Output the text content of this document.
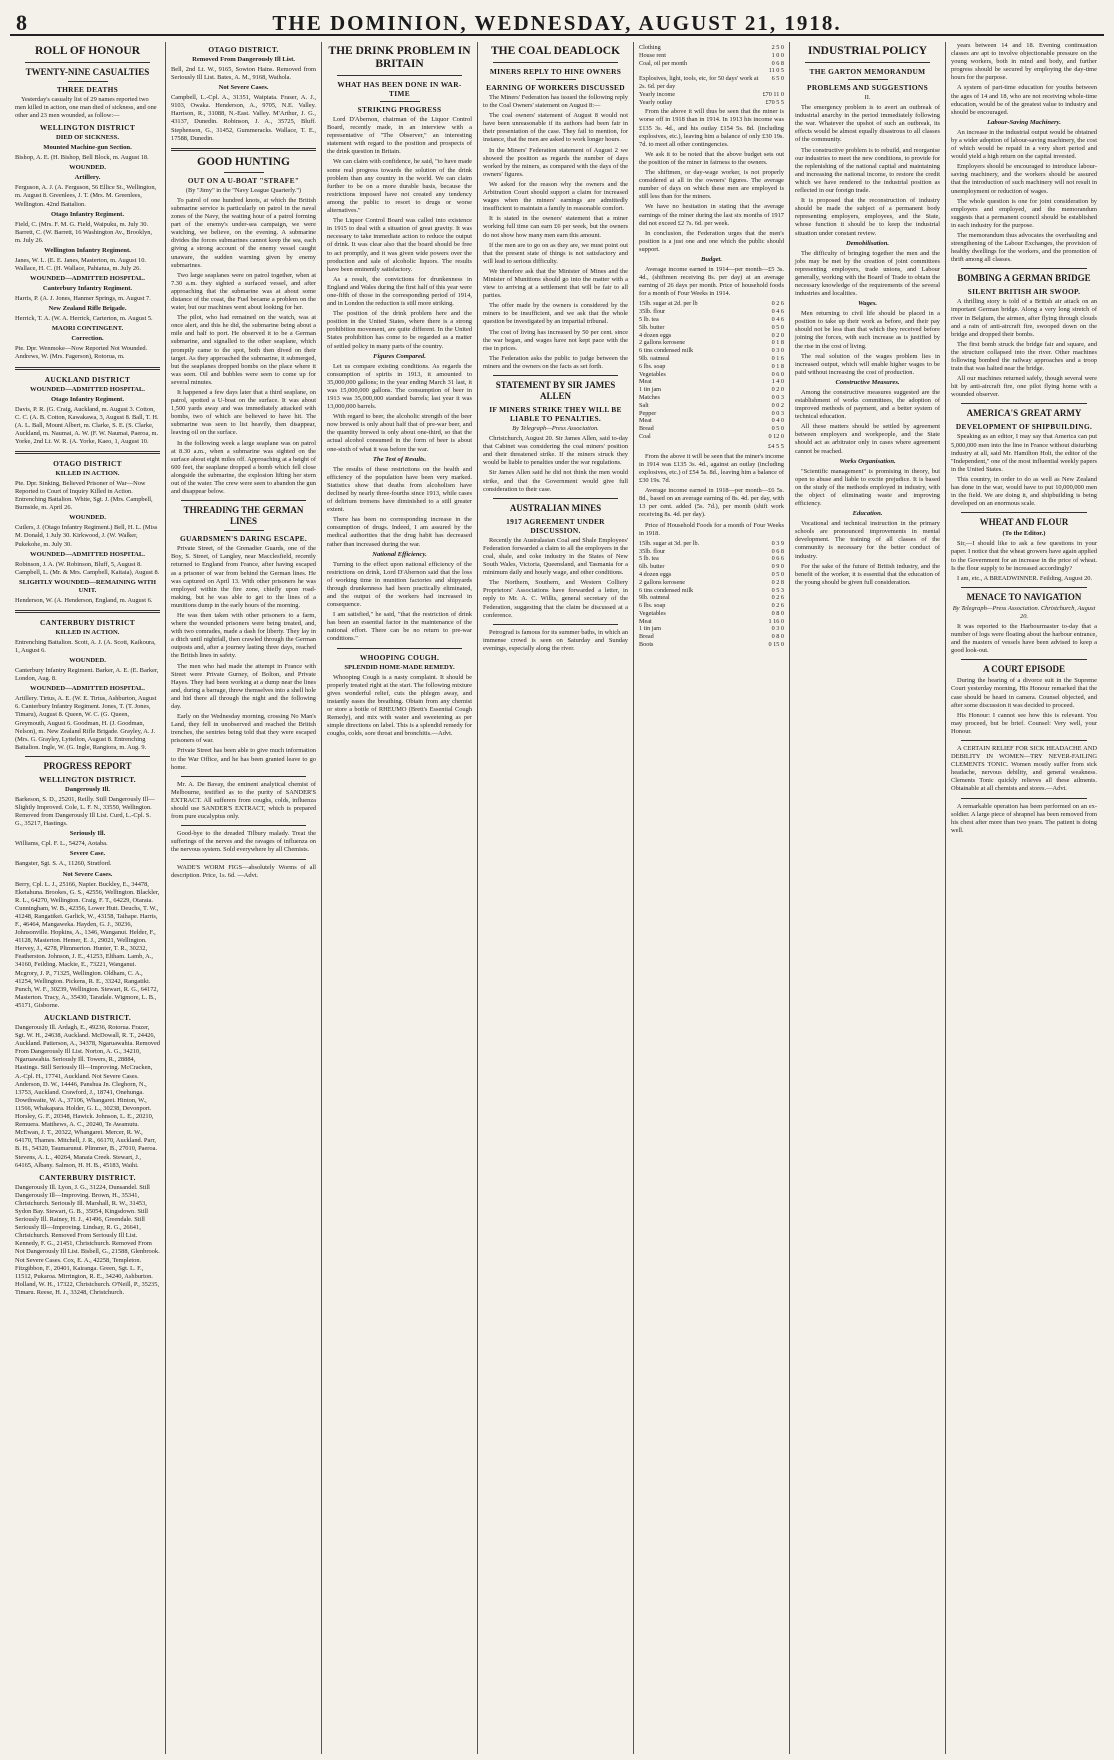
8	THE DOMINION, WEDNESDAY, AUGUST 21, 1918.
ROLL OF HONOUR
TWENTY-NINE CASUALTIES
THREE DEATHS

Yesterday's casualty list of 29 names reported two men killed in action, one man died of sickness, and one other and 23 men wounded, as follow:—

WELLINGTON DISTRICT
DIED OF SICKNESS.
Mounted Machine-gun Section.

Bishop, A. E. (H. Bishop, Bell Block, m. August 18.

WOUNDED.
Artillery.

Ferguson, A. J. (A. Ferguson, 56 Ellice St., Wellington, m. August 8. Greenlees, J. T. (Mrs. M. Greenlees, Wellington. 42nd Battalion.

Otago Infantry Regiment.

Field, C. (Mrs. F. M. G. Field, Waipuku, m. July 30. Barrett, C. (W. Barrett, 16 Washington Av., Brooklyn, m. July 26.

Wellington Infantry Regiment.

Janes, W. L. (E. E. Janes, Masterton, m. August 10. Wallace, H. C. (H. Wallace, Pahiatua, m. July 26.

WOUNDED—ADMITTED HOSPITAL.
Canterbury Infantry Regiment.

Harris, P. (A. J. Jones, Hanmer Springs, m. August 7.

New Zealand Rifle Brigade.

Herrick, T. A. (W. A. Herrick, Carterton, m. August 5.

MAORI CONTINGENT.
Correction.

Pte. Dpr. Wenmoke—Now Reported Not Wounded. Andrews, W. (Mrs. Fagerson), Rotorua, m.

AUCKLAND DISTRICT
WOUNDED—ADMITTED HOSPITAL.
Otago Infantry Regiment.

Davis, P. R. (G. Craig, Auckland, m. August 3. Cotton, C. C. (A. B. Cotton, Kawakawa, 3, August 8. Ball, T. H. (A. L. Ball, Mount Albert, m. Clarke, S. E. (S. Clarke, Auckland, m. Naumai, A. W. (F. W. Naumai, Paeroa, m. Yorke, 2nd Lt. W. R. (A. Yorke, Kaeo, 1, August 10.

OTAGO DISTRICT
KILLED IN ACTION.

Pte. Dpr. Sinking, Believed Prisoner of War—Now Reported to Court of Inquiry Killed in Action. Entrenching Battalion. White, Sgt. J. (Mrs. Campbell, Burnside, m. April 26.

WOUNDED.

Cutlers, J. (Otago Infantry Regiment.) Bell, H. L. (Miss M. Donald, 1 July 30. Kirkwood, J. (W. Walker, Pukekohe, m. July 30.

WOUNDED—ADMITTED HOSPITAL.

Robinson, J. A. (W. Robinson, Bluff, 5, August 8. Campbell, L. (Mr. & Mrs. Campbell, Kaitaia), August 8.

SLIGHTLY WOUNDED—REMAINING WITH UNIT.

Henderson, W. (A. Henderson, England, m. August 6.

CANTERBURY DISTRICT
KILLED IN ACTION.

Entrenching Battalion. Scott, A. J. (A. Scott, Kaikoura, 1, August 6.

WOUNDED.

Canterbury Infantry Regiment. Barker, A. E. (E. Barker, London, Aug. 8.

WOUNDED—ADMITTED HOSPITAL.

Artillery. Tirtus, A. E. (W. E. Tirtus, Ashburton, August 6. Canterbury Infantry Regiment. Jones, T. (T. Jones, Timaru), August 8. Queen, W. C. (G. Queen, Greymouth, August 6. Goodman, H. (J. Goodman, Nelson), m. New Zealand Rifle Brigade. Grayley, A. J. (Mrs. G. Grayley, Lyttelton, August 8. Entrenching Battalion. Ingle, W. (G. Ingle, Rangiora, m. Aug. 9.

PROGRESS REPORT
WELLINGTON DISTRICT.
Dangerously Ill.

Barkeson, S. D., 25201, Reilly. Still Dangerously Ill—Slightly Improved. Cole, L. F. N., 33550, Wellington. Removed from Dangerously Ill List. Curd, L.-Cpl. S. G., 35217, Hastings.

Seriously Ill.

Williams, Cpl. F. L., 54274, Aotaba.

Severe Case.

Bangster, Sgt. S. A., 11260, Stratford.

Not Severe Cases.

Berry, Cpl. L. J., 25166, Napier. Buckley, E., 34478, Eketahuna. Brookes, G. S., 42556, Wellington. Blackler, R. L., 64270, Wellington. Craig, F. T., 64229, Otaraia. Cunningham, W. B., 42356, Lower Hutt. Deuchs, T. W., 41248, Rangatikei. Garlick, W., 43158, Taihape. Harris, F., 46464, Mangaweka. Hayden, G. J., 30236, Johnsonville. Hopkins, A., 1346, Wanganui. Helder, F., 41128, Masterton. Hemer, E. J., 29021, Wellington. Hervey, J., 4278, Plimmerton. Hunter, T. R., 30232, Featherston. Johnson, J. E., 41253, Eltham. Lamb, A., 34160, Feilding. Mackie, E., 73221, Wanganui. Mcgrory, J. P., 71325, Wellington. Oldham, C. A., 41254, Wellington. Pickens, R. E., 33242, Rangatiki. Punch, W. F., 30239, Wellington. Stewart, R. G., 64172, Masterton. Tracy, A., 35430, Taradale. Wigmore, L. B., 45171, Gisborne.

AUCKLAND DISTRICT.

Dangerously Ill. Ardagh, E., 49236, Rotorua. Frazer, Sgt. W. H., 24638, Auckland. McDowall, R. T., 24426, Auckland. Patterson, A., 34378, Ngaruawahia. Removed From Dangerously Ill List. Norton, A. G., 34210, Ngaruawahia. Seriously Ill. Towers, R., 28884, Hastings. Still Seriously Ill—Improving. McCracken, A.-Cpl. H., 17741, Auckland. Not Severe Cases. Anderson, D. W., 14446, Panshua Jn. Cleghorn, N., 13753, Auckland. Crawford, J., 18741, Onehunga. Dowthwaite, W. A., 37106, Whangarei. Hinton, W., 11566, Whakapara. Holder, G. L., 30238, Devonport. Horsley, G. F., 20348, Hawick. Johnson, L. E., 20210, Remuera. Matthews, A. C., 20240, Te Awamutu. McEwan, J. T., 20322, Whangarei. Mercer, R. W., 64170, Thames. Mitchell, J. R., 66170, Auckland. Parr, B. H., 54320, Taumarunui. Plimmer, B., 27010, Paeroa. Stevens, A. L., 40264, Manaia Creek. Stewart, J., 64165, Albany. Salmon, H. H. B., 45183, Waihi.

CANTERBURY DISTRICT.

Dangerously Ill. Lyon, J. G., 31224, Dunsandel. Still Dangerously Ill—Improving. Brown, H., 35341, Christchurch. Seriously Ill. Marshall, R. W., 31453, Sydon Bay. Stewart, G. B., 35054, Kingsdown. Still Seriously Ill. Rainey, H. J., 41496, Greendale. Still Seriously Ill—Improving. Lindsay, R. G., 26641, Christchurch. Removed From Seriously Ill List. Kennedy, F. G., 21451, Christchurch. Removed From Not Dangerously Ill List. Bisbell, G., 21588, Glenbrook. Not Severe Cases. Cox, E. A., 42258, Templeton. Fitzgibbon, F., 20401, Kairanga. Green, Sgt. L. F., 11512, Pukaroa. Mirrington, R. E., 34240, Ashburton. Holland, W. H., 17322, Christchurch. O'Neill, P., 35235, Timaru. Reese, H. J., 33248, Christchurch.

OTAGO DISTRICT.
Removed From Dangerously Ill List.

Bell, 2nd Lt. W., 9165, Sowton Hains. Removed from Seriously Ill List. Bates, A. M., 9168, Waihola.

Not Severe Cases.

Campbell, L.-Cpl. A., 31351, Waipiata. Fraser, A. J., 9103, Owaka. Henderson, A., 9705, N.E. Valley. Harrison, R., 31088, N.-East. Valley. M'Arthur, J. G., 43137, Dunedin. Robinson, J. A., 35725, Bluff. Stephenson, G., 31452, Gummeracks. Wallace, T. E., 17588, Dunedin.

GOOD HUNTING
OUT ON A U-BOAT "STRAFE"

(By "Jimy" in the "Navy League Quarterly.")

To patrol of one hundred knots, at which the British submarine service is particularly on patrol in the naval zones of the Navy, the waiting hour of a patrol forming part of the enemy's under-sea campaign, we were watching, we believe, on the evening. A submarine divides the forces submarines cannot keep the sea, each giving a strong account of the enemy vessel caught unaware, the sudden warning given by enemy submarines.

Two large seaplanes were on patrol together, when at 7.30 a.m. they sighted a surfaced vessel, and after approaching that the submarine was at about some distance of the coast, the Fuel became a problem on the water, but our machines went about looking for her.

The pilot, who had remained on the watch, was at once alert, and this he did, the submarine being about a mile and half to port. He observed it to be a German submarine, and signalled to the other seaplane, which promptly came to the spot, both then dived on their target. As they approached the submarine, it submerged, but the seaplanes dropped bombs on the place where it was seen. Oil and bubbles were seen to come up for several minutes.

It happened a few days later that a third seaplane, on patrol, spotted a U-boat on the surface. It was about 1,500 yards away and was immediately attacked with bombs, two of which are believed to have hit. The submarine was seen to list heavily, then disappear, leaving oil on the surface.

In the following week a large seaplane was on patrol at 8.30 a.m., when a submarine was sighted on the surface about eight miles off. Approaching at a height of 600 feet, the seaplane dropped a bomb which fell close alongside the submarine, the explosion lifting her stern out of the water. The crew were seen to abandon the gun and disappear below.

THREADING THE GERMAN LINES
GUARDSMEN'S DARING ESCAPE.

Private Street, of the Grenadier Guards, one of the Boy, S. Street, of Langley, near Macclesfield, recently returned to England from France, after having escaped as a prisoner of war from behind the German lines. He was captured on April 13. With other prisoners he was employed within the fire zone, chiefly upon road-making, but he was able to get to the lines of a munitions dump in the early hours of the morning.

He was then taken with other prisoners to a farm, where the wounded prisoners were being treated, and, with two comrades, made a dash for liberty. They lay in a ditch until nightfall, then crawled through the German outposts and, after a journey lasting three days, reached the British lines in safety.

The men who had made the attempt in France with Street were Private Gurney, of Bolton, and Private Hayes. They had been working at a dump near the lines and, during a barrage, threw themselves into a shell hole and hid there all through the night and the following day.

Early on the Wednesday morning, crossing No Man's Land, they fell in unobserved and reached the British trenches, the sentries being told that they were escaped prisoners of war.

Private Street has been able to give much information to the War Office, and he has been granted leave to go home.

Mr. A. De Bavay, the eminent analytical chemist of Melbourne, testified as to the purity of SANDER'S EXTRACT. All sufferers from coughs, colds, influenza should use SANDER'S EXTRACT, which is prepared from pure eucalyptus only.

Good-bye to the dreaded Tilbury malady. Treat the sufferings of the nerves and the ravages of influenza on the nervous system. Sold everywhere by all Chemists.

WADE'S WORM FIGS—absolutely Worms of all description. Price, 1s. 6d. —Advt.

THE DRINK PROBLEM IN BRITAIN
WHAT HAS BEEN DONE IN WAR-TIME
STRIKING PROGRESS

Lord D'Abernon, chairman of the Liquor Control Board, recently made, in an interview with a representative of "The Observer," an interesting statement with regard to the position and prospects of the drink question in Britain.

We can claim with confidence, he said, "to have made some real progress towards the solution of the drink problem than any country in the world. We can claim further to be on a more durable basis, because the restrictions imposed have not created any tendency among the public to resort to drugs or worse alternatives."

The Liquor Control Board was called into existence in 1915 to deal with a situation of great gravity. It was necessary to take immediate action to reduce the output of drink. It was clear also that the board should be free to act promptly, and it was given wide powers over the production and sale of alcoholic liquors. The results have been eminently satisfactory.

As a result, the convictions for drunkenness in England and Wales during the first half of this year were one-fifth of those in the corresponding period of 1914, and in London the reduction is still more striking.

The position of the drink problem here and the position in the United States, where there is a strong prohibition movement, are quite different. In the United States prohibition has come to be regarded as a matter of settled policy in many parts of the country.

Figures Compared.

Let us compare existing conditions. As regards the consumption of spirits in 1913, it amounted to 35,000,000 gallons; in the year ending March 31 last, it was 15,000,000 gallons. The consumption of beer in 1913 was 35,000,000 standard barrels; last year it was 13,000,000 barrels.

With regard to beer, the alcoholic strength of the beer now brewed is only about half that of pre-war beer, and the quantity brewed is only about one-third, so that the actual alcohol consumed in the form of beer is about one-sixth of what it was before the war.

The Test of Results.

The results of these restrictions on the health and efficiency of the population have been very marked. Statistics show that deaths from alcoholism have declined by nearly three-fourths since 1913, while cases of delirium tremens have diminished to a still greater extent.

There has been no corresponding increase in the consumption of drugs. Indeed, I am assured by the medical authorities that the drug habit has decreased rather than increased during the war.

National Efficiency.

Turning to the effect upon national efficiency of the restrictions on drink, Lord D'Abernon said that the loss of working time in munition factories and shipyards through drunkenness had been practically eliminated, and the output of the workers had increased in consequence.

I am satisfied," he said, "that the restriction of drink has been an essential factor in the maintenance of the national effort. There can be no return to pre-war conditions."

WHOOPING COUGH.
SPLENDID HOME-MADE REMEDY.

Whooping Cough is a nasty complaint. It should be properly treated right at the start. The following mixture gives wonderful relief, cuts the phlegm away, and instantly eases the breathing. Obtain from any chemist or store a bottle of RHEUMO (Brett's Essential Cough Remedy), and mix with water and sweetening as per simple directions on label. This is a splendid remedy for coughs, colds, sore throat and bronchitis.—Advt.

THE COAL DEADLOCK
MINERS REPLY TO HINE OWNERS
EARNING OF WORKERS DISCUSSED

The Miners' Federation has issued the following reply to the Coal Owners' statement on August 8:—

The coal owners' statement of August 8 would not have been unreasonable if its authors had been fair in their presentation of the case. They fail to mention, for instance, that the men are asked to work longer hours.

In the Miners' Federation statement of August 2 we showed the position as regards the number of days worked by the miners, as compared with the days of the owners' figures.

We asked for the reason why the owners and the Arbitration Court should support a claim for increased wages when the miners' earnings are admittedly insufficient to maintain a family in reasonable comfort.

It is stated in the owners' statement that a miner working full time can earn £6 per week, but the owners do not show how many men earn this amount.

If the men are to go on as they are, we must point out that the present state of things is not satisfactory and will lead to serious difficulty.

We therefore ask that the Minister of Mines and the Minister of Munitions should go into the matter with a view to arriving at a settlement that will be fair to all parties.

The offer made by the owners is considered by the miners to be insufficient, and we ask that the whole question be investigated by an impartial tribunal.

The cost of living has increased by 50 per cent. since the war began, and wages have not kept pace with the rise in prices.

The Federation asks the public to judge between the miners and the owners on the facts as set forth.

STATEMENT BY SIR JAMES ALLEN
IF MINERS STRIKE THEY WILL BE LIABLE TO PENALTIES.

By Telegraph—Press Association.

Christchurch, August 20. Sir James Allen, said to-day that Cabinet was considering the coal miners' position and their threatened strike. If the miners struck they would be liable to penalties under the war regulations.

Sir James Allen said he did not think the men would strike, and that the Government would give full consideration to their case.

AUSTRALIAN MINES
1917 AGREEMENT UNDER DISCUSSION.

Recently the Australasian Coal and Shale Employees' Federation forwarded a claim to all the employers in the coal, shale, and coke industry in the States of New South Wales, Victoria, Queensland, and Tasmania for a minimum daily and hourly wage, and other conditions.

The Northern, Southern, and Western Colliery Proprietors' Associations have forwarded a letter, in reply to Mr. A. C. Willis, general secretary of the Federation, suggesting that the claim be discussed at a conference.

Petrograd is famous for its summer baths, in which an immense crowd is seen on Saturday and Sunday evenings, especially along the river.

Clothing	2 5 0
House rent	1 0 0
Coal, oil per month	0 6 8
	11 0 5
Explosives, light, tools, etc, for 50 days' work at 2s. 6d. per day	6 5 0
Yearly income	£70 11 0
Yearly outlay	£70 5 5

From the above it will thus be seen that the miner is worse off in 1918 than in 1914. In 1913 his income was £135 3s. 4d., and his outlay £154 5s. 8d. (including explosives, etc.), leaving him a balance of only £30 19s. 7d. to meet all other contingencies.

We ask it to be noted that the above budget sets out the position of the miner in fairness to the owners.

The shiftmen, or day-wage worker, is not properly considered at all in the owners' figures. The average number of days on which these men are employed is still less than for the miners.

We have no hesitation in stating that the average earnings of the miner during the last six months of 1917 did not exceed £2 7s. 6d. per week.

In conclusion, the Federation urges that the men's position is a just one and one which the public should support.

Budget.

Average income earned in 1914—per month—£5 3s. 4d., (shiftmen receiving 8s. per day) at an average earning of 26 days per month. Price of household foods for a month of Four Weeks in 1914.

15lb. sugar at 2d. per lb	0 2 6
35lb. flour	0 4 6
5 lb. tea	0 4 6
5lb. butter	0 5 0
4 dozen eggs	0 2 0
2 gallons kerosene	0 1 8
6 tins condensed milk	0 3 0
9lb. oatmeal	0 1 6
6 lbs. soap	0 1 8
Vegetables	0 6 0
Meat	1 4 0
1 tin jam	0 2 0
Matches	0 0 3
Salt	0 0 2
Pepper	0 0 3
Meat	0 4 0
Bread	0 5 0
Coal	0 12 0

£4 5 5

From the above it will be seen that the miner's income in 1914 was £135 3s. 4d., against an outlay (including explosives, etc.) of £54 5s. 8d., leaving him a balance of £30 19s. 7d.

Average income earned in 1918—per month—£6 5s. 8d., based on an average earning of 8s. 4d. per day, with 13 per cent. added (5s. 7d.), per month (shift work receiving 8s. 4d. per day).

Price of Household Foods for a month of Four Weeks in 1918.

15lb. sugar at 3d. per lb.	0 3 9
35lb. flour	0 6 8
5 lb. tea	0 6 6
6lb. butter	0 9 0
4 dozen eggs	0 5 0
2 gallons kerosene	0 2 8
6 tins condensed milk	0 5 3
9lb. oatmeal	0 2 6
6 lbs. soap	0 2 6
Vegetables	0 8 0
Meat	1 16 0
1 tin jam	0 3 0
Bread	0 8 0
Boots	0 15 0
INDUSTRIAL POLICY
THE GARTON MEMORANDUM
PROBLEMS AND SUGGESTIONS

II.

The emergency problem is to avert an outbreak of industrial anarchy in the period immediately following the war. Whatever the upshot of such an outbreak, its effects would be almost equally disastrous to all classes of the community.

The constructive problem is to rebuild, and reorganise our industries to meet the new conditions, to provide for the replenishing of the national capital and maintaining and increasing the national income, to restore the credit which we have rendered to the industrial position as reflected in our foreign trade.

It is proposed that the reconstruction of industry should be made the subject of a permanent body representing employers, employees, and the State, whose function it should be to keep the industrial situation under constant review.

Demobilisation.

The difficulty of bringing together the men and the jobs may be met by the creation of joint committees representing employers, trade unions, and Labour generally, working with the Board of Trade to obtain the necessary knowledge of the requirements of the several industries and localities.

Wages.

Men returning to civil life should be placed in a position to take up their work as before, and their pay should not be less than that which they received before joining the forces, with such increase as is justified by the rise in the cost of living.

The real solution of the wages problem lies in increased output, which will enable higher wages to be paid without increasing the cost of production.

Constructive Measures.

Among the constructive measures suggested are the establishment of works committees, the adoption of improved methods of payment, and a better system of technical education.

All these matters should be settled by agreement between employers and workpeople, and the State should act as arbitrator only in cases where agreement cannot be reached.

Works Organisation.

"Scientific management" is promising in theory, but open to abuse and liable to excite prejudice. It is based on the study of the methods employed in industry, with the object of eliminating waste and improving efficiency.

Education.

Vocational and technical instruction in the primary schools are pronounced improvements in mental development. The training of all classes of the community is necessary for the better conduct of industry.

For the sake of the future of British industry, and the benefit of the worker, it is essential that the education of the young should be given full consideration.

years between 14 and 18. Evening continuation classes are apt to involve objectionable pressure on the young workers, both in mind and body, and further progress should be secured by employing the day-time hours for the purpose.

A system of part-time education for youths between the ages of 14 and 18, who are not receiving whole-time education, would be of the greatest value to industry and should be encouraged.

Labour-Saving Machinery.

An increase in the industrial output would be obtained by a wider adoption of labour-saving machinery, the cost of which would be repaid in a very short period and would yield a high return on the capital invested.

Employers should be encouraged to introduce labour-saving machinery, and the workers should be assured that the introduction of such machinery will not result in unemployment or reduction of wages.

The whole question is one for joint consideration by employers and employed, and the memorandum suggests that a permanent council should be established in each industry for the purpose.

The memorandum thus advocates the overhauling and strengthening of the Labour Exchanges, the provision of healthy dwellings for the workers, and the promotion of thrift among all classes.

BOMBING A GERMAN BRIDGE
SILENT BRITISH AIR SWOOP.

A thrilling story is told of a British air attack on an important German bridge. Along a very long stretch of river in Belgium, the airmen, after flying through clouds and a rain of anti-aircraft fire, swooped down on the bridge and dropped their bombs.

The first bomb struck the bridge fair and square, and the structure collapsed into the river. Other machines following bombed the railway approaches and a troop train that was halted near the bridge.

All our machines returned safely, though several were hit by anti-aircraft fire, one pilot flying home with a wounded observer.

AMERICA'S GREAT ARMY
DEVELOPMENT OF SHIPBUILDING.

Speaking as an editor, I may say that America can put 5,000,000 men into the line in France without disturbing industry at all, said Mr. Hamilton Holt, the editor of the "Independent," one of the most influential weekly papers in the United States.

This country, in order to do as well as New Zealand has done in the war, would have to put 10,000,000 men in the field. We are doing it, and shipbuilding is being developed on an enormous scale.

WHEAT AND FLOUR
(To the Editor.)

Sir,—I should like to ask a few questions in your paper. I notice that the wheat growers have again applied to the Government for an increase in the price of wheat. Is the flour supply to be increased accordingly?

I am, etc., A BREADWINNER. Feilding, August 20.

MENACE TO NAVIGATION

By Telegraph—Press Association. Christchurch, August 20.

It was reported to the Harbourmaster to-day that a number of logs were floating about the harbour entrance, and the masters of vessels have been advised to keep a good look-out.

A COURT EPISODE

During the hearing of a divorce suit in the Supreme Court yesterday morning, His Honour remarked that the case should be heard in camera. Counsel objected, and after some discussion it was decided to proceed.

His Honour: I cannot see how this is relevant. You may proceed, but be brief. Counsel: Very well, your Honour.

A CERTAIN RELIEF FOR SICK HEADACHE AND DEBILITY IN WOMEN—TRY NEVER-FAILING CLEMENTS TONIC. Women mostly suffer from sick headache, nervous debility, and general weakness. Clements Tonic quickly relieves all these ailments. Obtainable at all chemists and stores.—Advt.

A remarkable operation has been performed on an ex-soldier. A large piece of shrapnel has been removed from his chest after more than two years. The patient is doing well.
